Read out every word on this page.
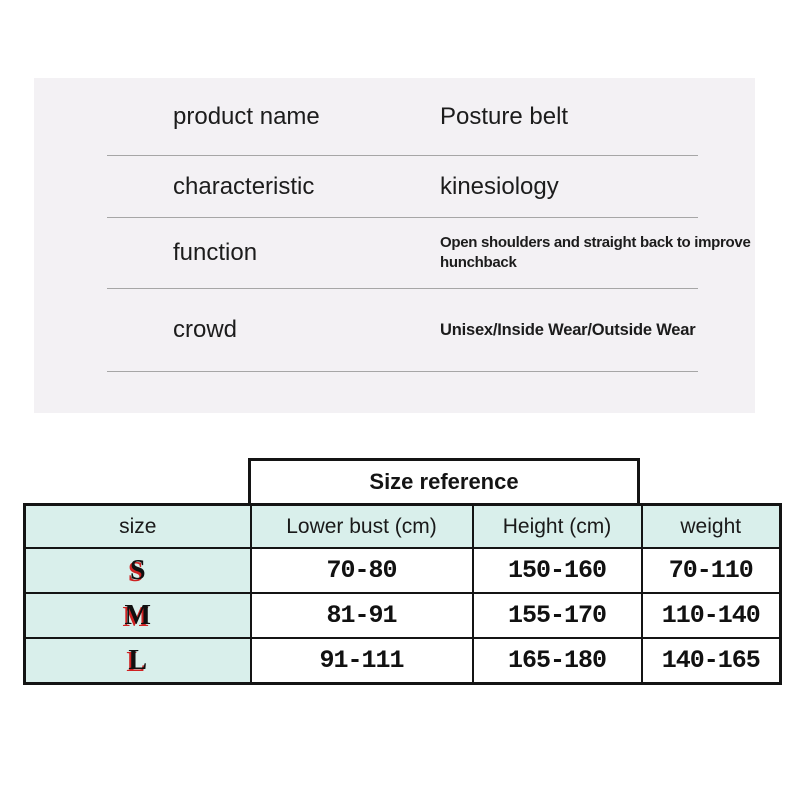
product name	Posture belt
characteristic	kinesiology
function	Open shoulders and straight back to improve hunchback
crowd	Unisex/Inside Wear/Outside Wear
Size reference
size	Lower bust (cm)	Height (cm)	weight
S	70-80	150-160	70-110
M	81-91	155-170	110-140
L	91-111	165-180	140-165
